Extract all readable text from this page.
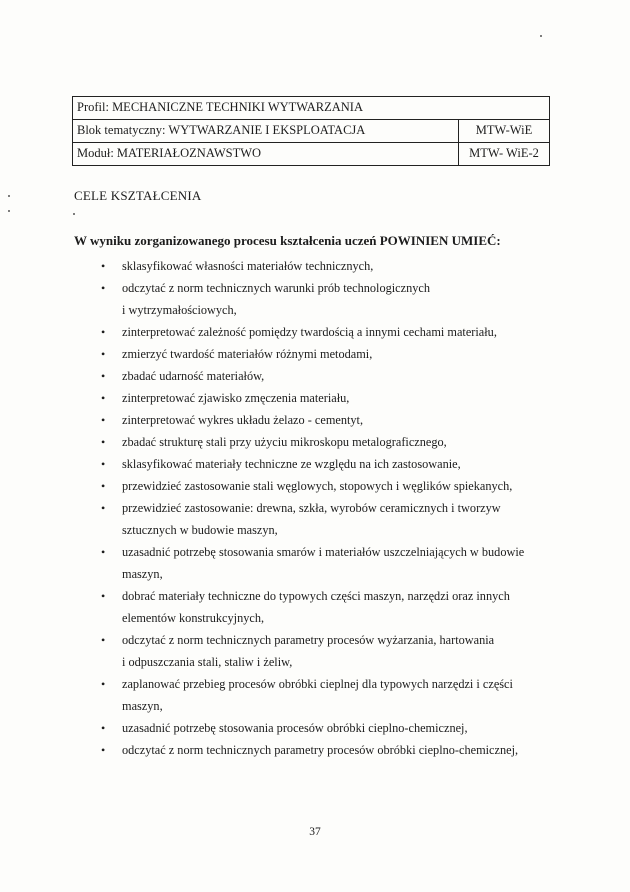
Profil: MECHANICZNE TECHNIKI WYTWARZANIA	
Blok tematyczny: WYTWARZANIE I EKSPLOATACJA	MTW-WiE
Moduł: MATERIAŁOZNAWSTWO	MTW- WiE-2
CELE KSZTAŁCENIA
W wyniku zorganizowanego procesu kształcenia uczeń POWINIEN UMIEĆ:
• sklasyfikować własności materiałów technicznych,
• odczytać z norm technicznych warunki prób technologicznych
i wytrzymałościowych,
• zinterpretować zależność pomiędzy twardością a innymi cechami materiału,
• zmierzyć twardość materiałów różnymi metodami,
• zbadać udarność materiałów,
• zinterpretować zjawisko zmęczenia materiału,
• zinterpretować wykres układu żelazo - cementyt,
• zbadać strukturę stali przy użyciu mikroskopu metalograficznego,
• sklasyfikować materiały techniczne ze względu na ich zastosowanie,
• przewidzieć zastosowanie stali węglowych, stopowych i węglików spiekanych,
• przewidzieć zastosowanie: drewna, szkła, wyrobów ceramicznych i tworzyw
sztucznych w budowie maszyn,
• uzasadnić potrzebę stosowania smarów i materiałów uszczelniających w budowie
maszyn,
• dobrać materiały techniczne do typowych części maszyn, narzędzi oraz innych
elementów konstrukcyjnych,
• odczytać z norm technicznych parametry procesów wyżarzania, hartowania
i odpuszczania stali, staliw i żeliw,
• zaplanować przebieg procesów obróbki cieplnej dla typowych narzędzi i części
maszyn,
• uzasadnić potrzebę stosowania procesów obróbki cieplno-chemicznej,
• odczytać z norm technicznych parametry procesów obróbki cieplno-chemicznej,
37
